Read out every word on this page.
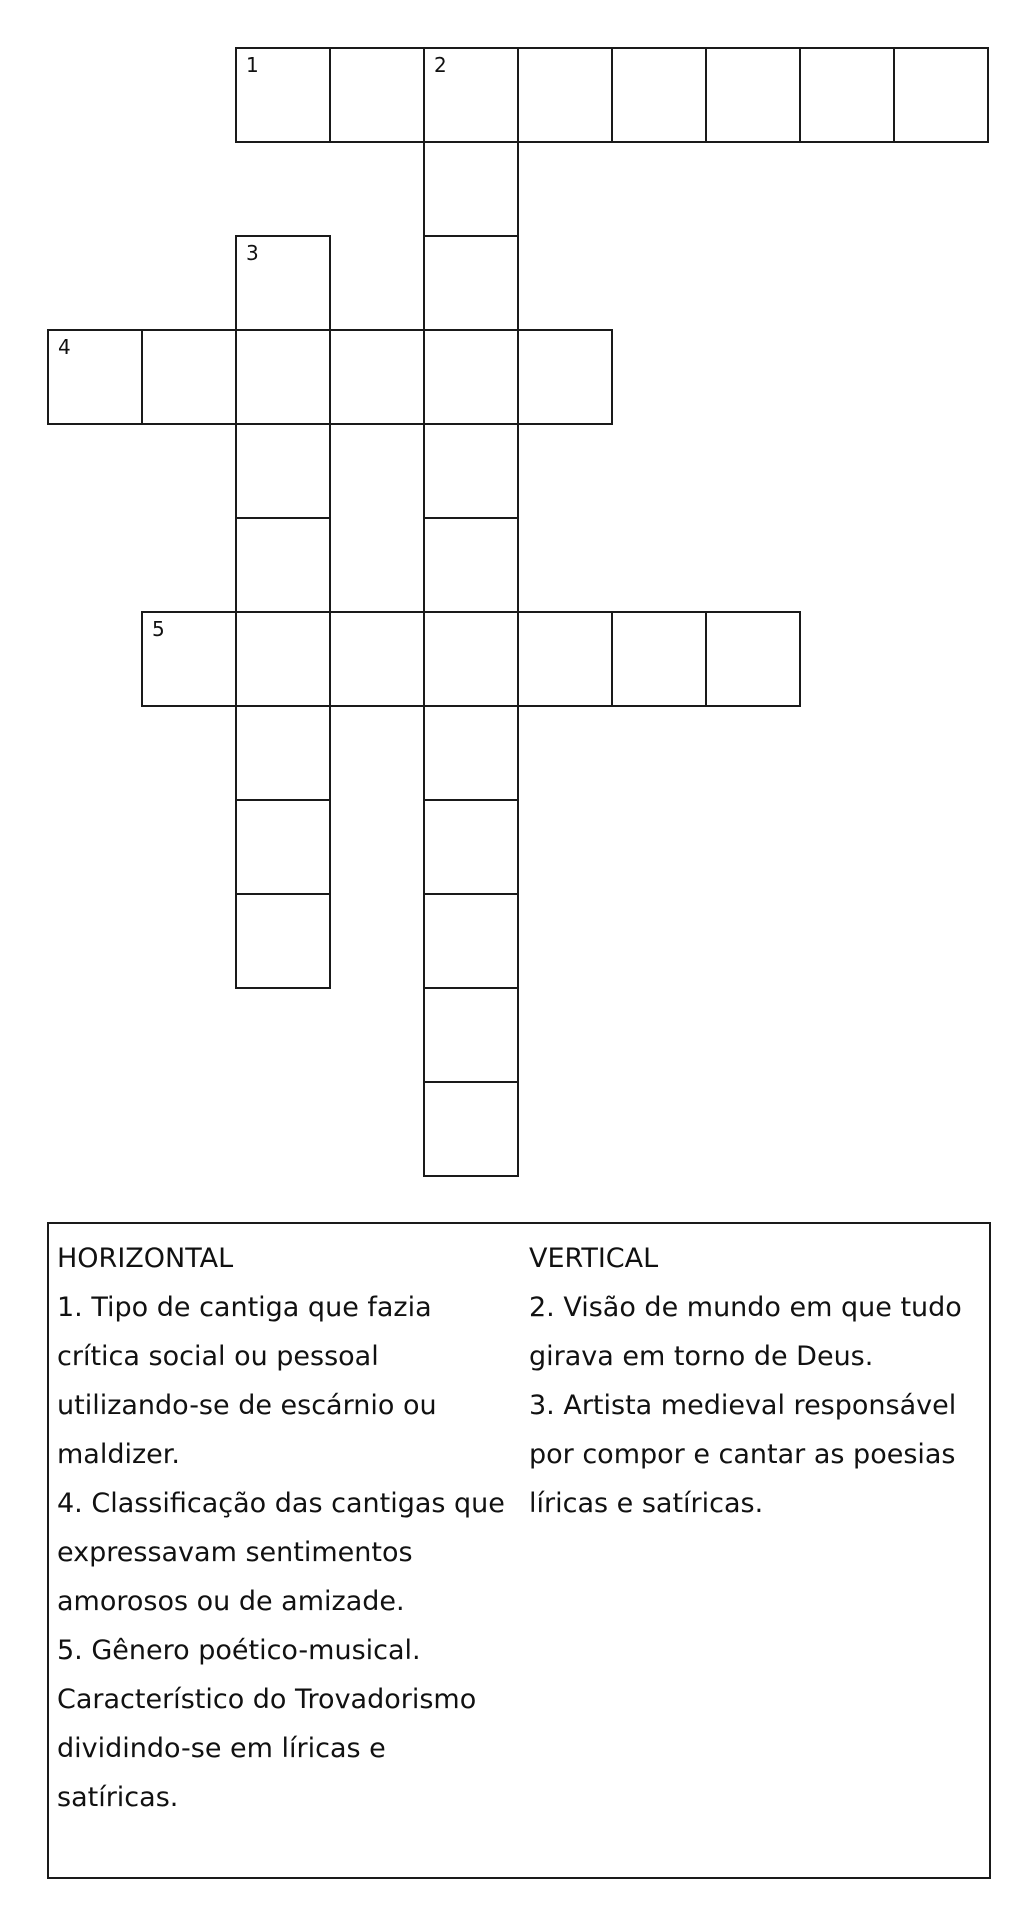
1	2
3
4
5
HORIZONTAL
1. Tipo de cantiga que fazia
crítica social ou pessoal
utilizando-se de escárnio ou
maldizer.
4. Classificação das cantigas que
expressavam sentimentos
amorosos ou de amizade.
5. Gênero poético-musical.
Característico do Trovadorismo
dividindo-se em líricas e
satíricas.
VERTICAL
2. Visão de mundo em que tudo
girava em torno de Deus.
3. Artista medieval responsável
por compor e cantar as poesias
líricas e satíricas.
